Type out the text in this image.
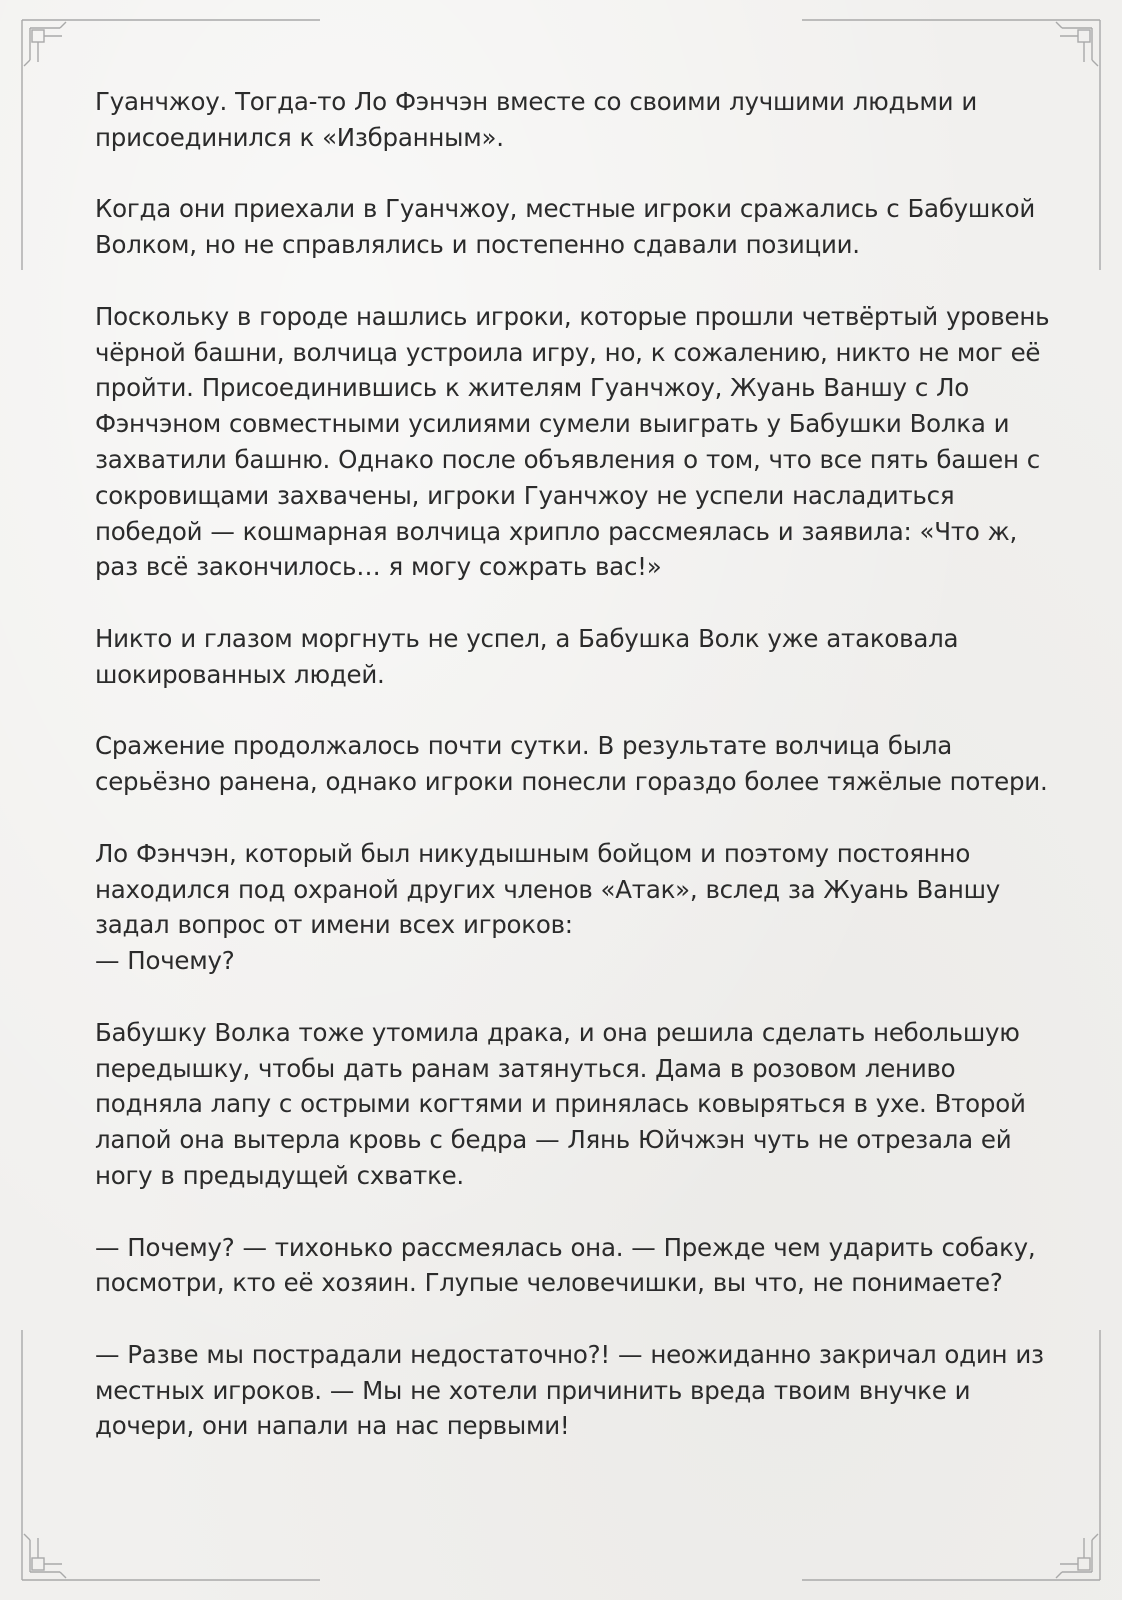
Гуанчжоу. Тогда-то Ло Фэнчэн вместе со своими лучшими людьми и
присоединился к «Избранным».

Когда они приехали в Гуанчжоу, местные игроки сражались с Бабушкой
Волком, но не справлялись и постепенно сдавали позиции.

Поскольку в городе нашлись игроки, которые прошли четвёртый уровень
чёрной башни, волчица устроила игру, но, к сожалению, никто не мог её
пройти. Присоединившись к жителям Гуанчжоу, Жуань Ваншу с Ло
Фэнчэном совместными усилиями сумели выиграть у Бабушки Волка и
захватили башню. Однако после объявления о том, что все пять башен с
сокровищами захвачены, игроки Гуанчжоу не успели насладиться
победой — кошмарная волчица хрипло рассмеялась и заявила: «Что ж,
раз всё закончилось… я могу сожрать вас!»

Никто и глазом моргнуть не успел, а Бабушка Волк уже атаковала
шокированных людей.

Сражение продолжалось почти сутки. В результате волчица была
серьёзно ранена, однако игроки понесли гораздо более тяжёлые потери.

Ло Фэнчэн, который был никудышным бойцом и поэтому постоянно
находился под охраной других членов «Атак», вслед за Жуань Ваншу
задал вопрос от имени всех игроков:
— Почему?

Бабушку Волка тоже утомила драка, и она решила сделать небольшую
передышку, чтобы дать ранам затянуться. Дама в розовом лениво
подняла лапу с острыми когтями и принялась ковыряться в ухе. Второй
лапой она вытерла кровь с бедра — Лянь Юйчжэн чуть не отрезала ей
ногу в предыдущей схватке.

— Почему? — тихонько рассмеялась она. — Прежде чем ударить собаку,
посмотри, кто её хозяин. Глупые человечишки, вы что, не понимаете?

— Разве мы пострадали недостаточно?! — неожиданно закричал один из
местных игроков. — Мы не хотели причинить вреда твоим внучке и
дочери, они напали на нас первыми!
